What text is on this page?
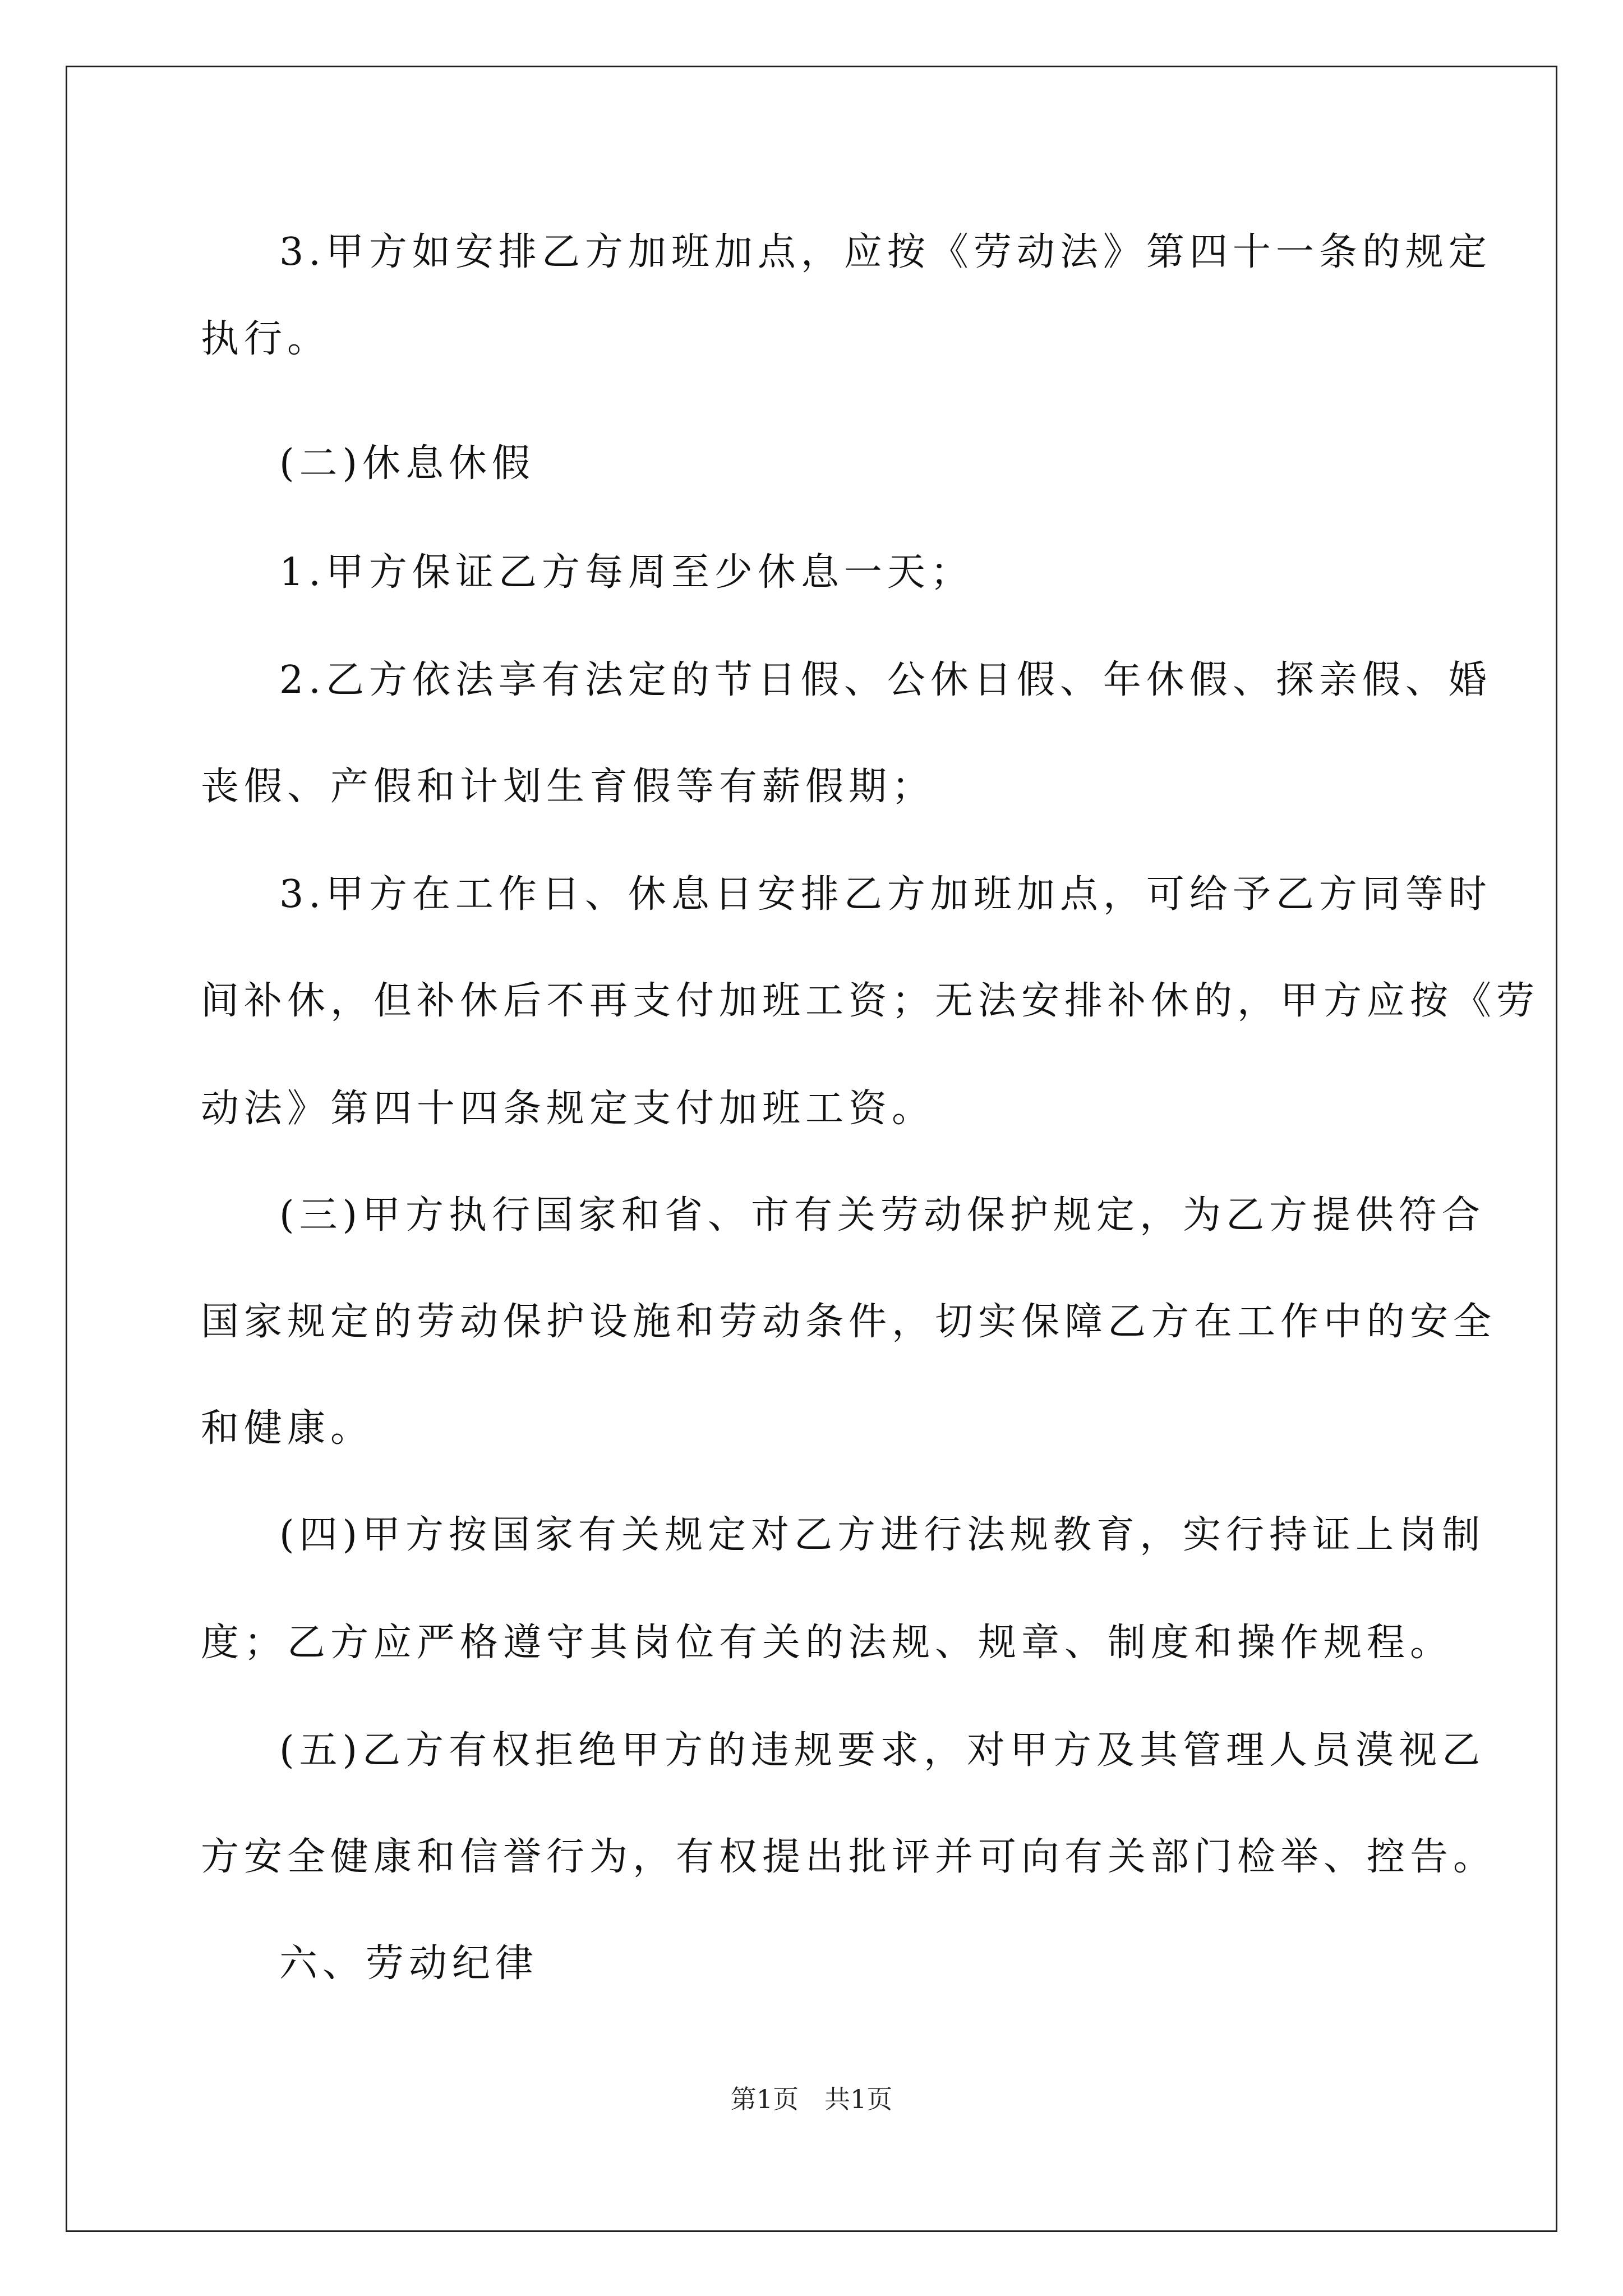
3.甲方如安排乙方加班加点，应按《劳动法》第四十一条的规定
执行。
(二)休息休假
1.甲方保证乙方每周至少休息一天；
2.乙方依法享有法定的节日假、公休日假、年休假、探亲假、婚
丧假、产假和计划生育假等有薪假期；
3.甲方在工作日、休息日安排乙方加班加点，可给予乙方同等时
间补休，但补休后不再支付加班工资；无法安排补休的，甲方应按《劳
动法》第四十四条规定支付加班工资。
(三)甲方执行国家和省、市有关劳动保护规定，为乙方提供符合
国家规定的劳动保护设施和劳动条件，切实保障乙方在工作中的安全
和健康。
(四)甲方按国家有关规定对乙方进行法规教育，实行持证上岗制
度；乙方应严格遵守其岗位有关的法规、规章、制度和操作规程。
(五)乙方有权拒绝甲方的违规要求，对甲方及其管理人员漠视乙
方安全健康和信誉行为，有权提出批评并可向有关部门检举、控告。
六、劳动纪律
第1页　共1页
